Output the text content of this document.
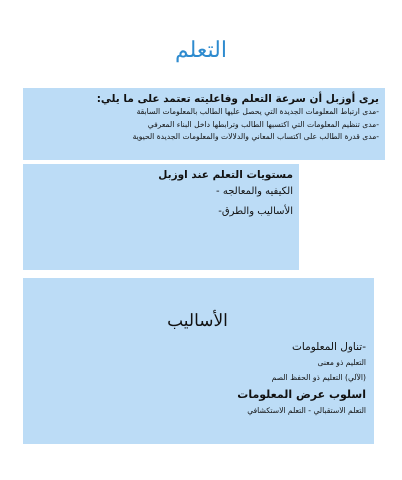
التعلم
يرى أوزبل أن سرعة التعلم وفاعليته تعتمد على ما يلي:
-مدى ارتباط المعلومات الجديدة التي يحصل عليها الطالب بالمعلومات السابقة
-مدى تنظيم المعلومات التي اكتسبها الطالب وترابطها داخل البناء المعرفي
-مدى قدرة الطالب على اكتساب المعاني والدلالات والمعلومات الجديدة الحيوية
مستويات التعلم عند اوزبل
الكيفيه والمعالجه -
الأساليب والطرق-
الأساليب
-تناول المعلومات
التعليم ذو معنى
(الآلي) التعليم ذو الحفظ الصم
اسلوب عرض المعلومات
التعلم الاستقبالي - التعلم الاستكشافي
